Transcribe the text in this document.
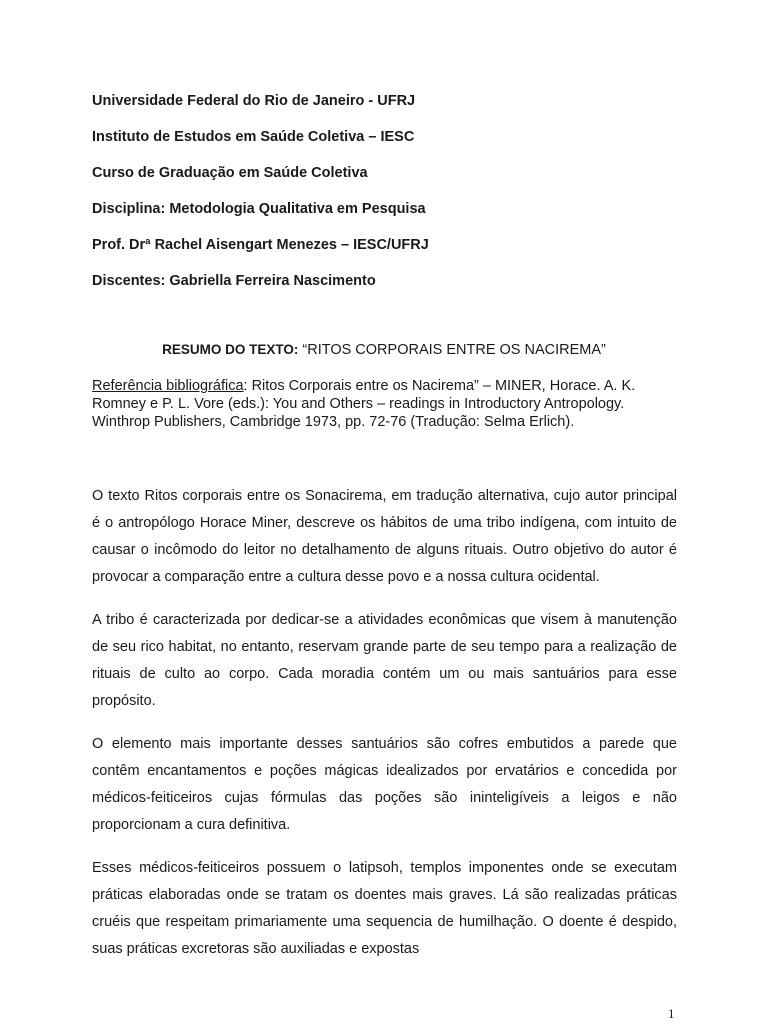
Universidade Federal do Rio de Janeiro - UFRJ
Instituto de Estudos em Saúde Coletiva – IESC
Curso de Graduação em Saúde Coletiva
Disciplina: Metodologia Qualitativa em Pesquisa
Prof. Drª Rachel Aisengart Menezes – IESC/UFRJ
Discentes: Gabriella Ferreira Nascimento
RESUMO DO TEXTO: “RITOS CORPORAIS ENTRE OS NACIREMA”
Referência bibliográfica: Ritos Corporais entre os Nacirema” – MINER, Horace. A. K. Romney e P. L. Vore (eds.): You and Others – readings in Introductory Antropology. Winthrop Publishers, Cambridge 1973, pp. 72-76 (Tradução: Selma Erlich).

O texto Ritos corporais entre os Sonacirema, em tradução alternativa, cujo autor principal é o antropólogo Horace Miner, descreve os hábitos de uma tribo indígena, com intuito de causar o incômodo do leitor no detalhamento de alguns rituais. Outro objetivo do autor é provocar a comparação entre a cultura desse povo e a nossa cultura ocidental.

A tribo é caracterizada por dedicar-se a atividades econômicas que visem à manutenção de seu rico habitat, no entanto, reservam grande parte de seu tempo para a realização de rituais de culto ao corpo. Cada moradia contém um ou mais santuários para esse propósito.

O elemento mais importante desses santuários são cofres embutidos a parede que contêm encantamentos e poções mágicas idealizados por ervatários e concedida por médicos-feiticeiros cujas fórmulas das poções são ininteligíveis a leigos e não proporcionam a cura definitiva.

Esses médicos-feiticeiros possuem o latipsoh, templos imponentes onde se executam práticas elaboradas onde se tratam os doentes mais graves. Lá são realizadas práticas cruéis que respeitam primariamente uma sequencia de humilhação. O doente é despido, suas práticas excretoras são auxiliadas e expostas

1
